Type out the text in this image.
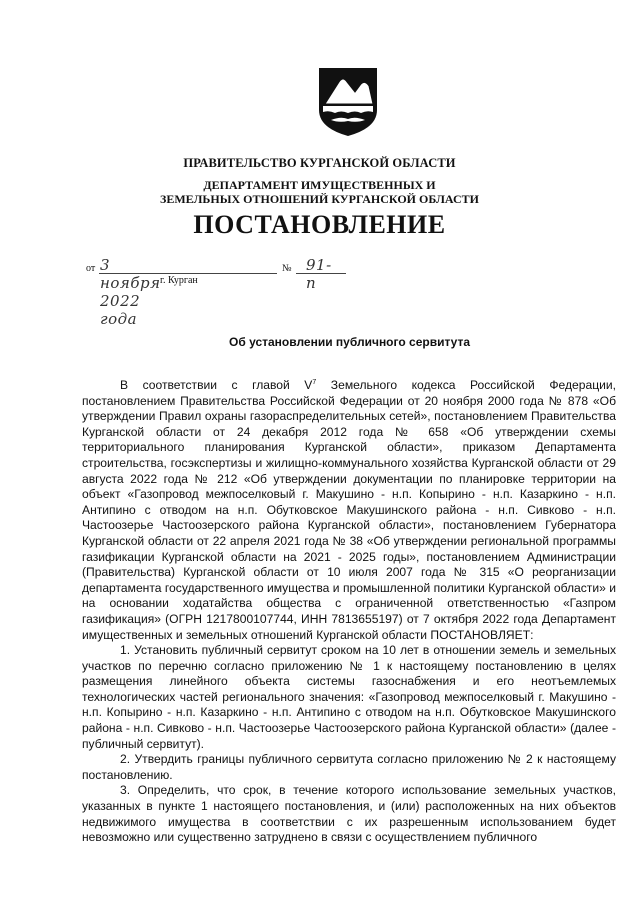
ПРАВИТЕЛЬСТВО КУРГАНСКОЙ ОБЛАСТИ
ДЕПАРТАМЕНТ ИМУЩЕСТВЕННЫХ И
ЗЕМЕЛЬНЫХ ОТНОШЕНИЙ КУРГАНСКОЙ ОБЛАСТИ
ПОСТАНОВЛЕНИЕ
от 3 ноября 2022 года
№ 91-п
г. Курган
Об установлении публичного сервитута

В соответствии с главой $V^7$ Земельного кодекса Российской Федерации, постановлением Правительства Российской Федерации от 20 ноября 2000 года № 878 «Об утверждении Правил охраны газораспределительных сетей», постановлением Правительства Курганской области от 24 декабря 2012 года № 658 «Об утверждении схемы территориального планирования Курганской области», приказом Департамента строительства, госэкспертизы и жилищно-коммунального хозяйства Курганской области от 29 августа 2022 года № 212 «Об утверждении документации по планировке территории на объект «Газопровод межпоселковый г. Макушино - н.п. Копырино - н.п. Казаркино - н.п. Антипино с отводом на н.п. Обутковское Макушинского района - н.п. Сивково - н.п. Частоозерье Частоозерского района Курганской области», постановлением Губернатора Курганской области от 22 апреля 2021 года № 38 «Об утверждении региональной программы газификации Курганской области на 2021 - 2025 годы», постановлением Администрации (Правительства) Курганской области от 10 июля 2007 года № 315 «О реорганизации департамента государственного имущества и промышленной политики Курганской области» и на основании ходатайства общества с ограниченной ответственностью «Газпром газификация» (ОГРН 1217800107744, ИНН 7813655197) от 7 октября 2022 года Департамент имущественных и земельных отношений Курганской области ПОСТАНОВЛЯЕТ:

1. Установить публичный сервитут сроком на 10 лет в отношении земель и земельных участков по перечню согласно приложению № 1 к настоящему постановлению в целях размещения линейного объекта системы газоснабжения и его неотъемлемых технологических частей регионального значения: «Газопровод межпоселковый г. Макушино - н.п. Копырино - н.п. Казаркино - н.п. Антипино с отводом на н.п. Обутковское Макушинского района - н.п. Сивково - н.п. Частоозерье Частоозерского района Курганской области» (далее - публичный сервитут).

2. Утвердить границы публичного сервитута согласно приложению № 2 к настоящему постановлению.

3. Определить, что срок, в течение которого использование земельных участков, указанных в пункте 1 настоящего постановления, и (или) расположенных на них объектов недвижимого имущества в соответствии с их разрешенным использованием будет невозможно или существенно затруднено в связи с осуществлением публичного
